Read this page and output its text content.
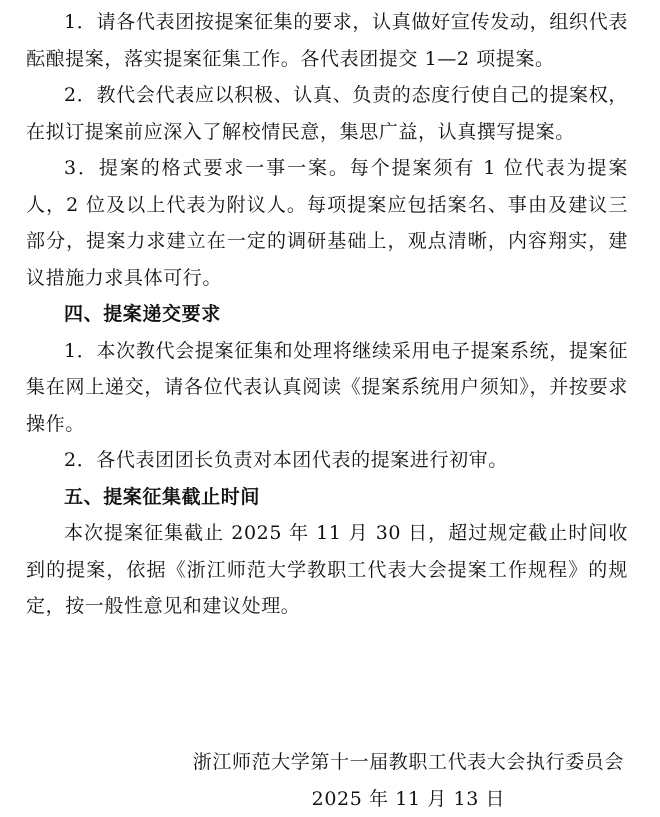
1．请各代表团按提案征集的要求，认真做好宣传发动，组织代表酝酿提案，落实提案征集工作。各代表团提交 1—2 项提案。

2．教代会代表应以积极、认真、负责的态度行使自己的提案权，在拟订提案前应深入了解校情民意，集思广益，认真撰写提案。

3．提案的格式要求一事一案。每个提案须有 1 位代表为提案人，2 位及以上代表为附议人。每项提案应包括案名、事由及建议三部分，提案力求建立在一定的调研基础上，观点清晰，内容翔实，建议措施力求具体可行。

四、提案递交要求

1．本次教代会提案征集和处理将继续采用电子提案系统，提案征集在网上递交，请各位代表认真阅读《提案系统用户须知》，并按要求操作。

2．各代表团团长负责对本团代表的提案进行初审。

五、提案征集截止时间

本次提案征集截止 2025 年 11 月 30 日，超过规定截止时间收到的提案，依据《浙江师范大学教职工代表大会提案工作规程》的规定，按一般性意见和建议处理。

浙江师范大学第十一届教职工代表大会执行委员会
2025 年 11 月 13 日
